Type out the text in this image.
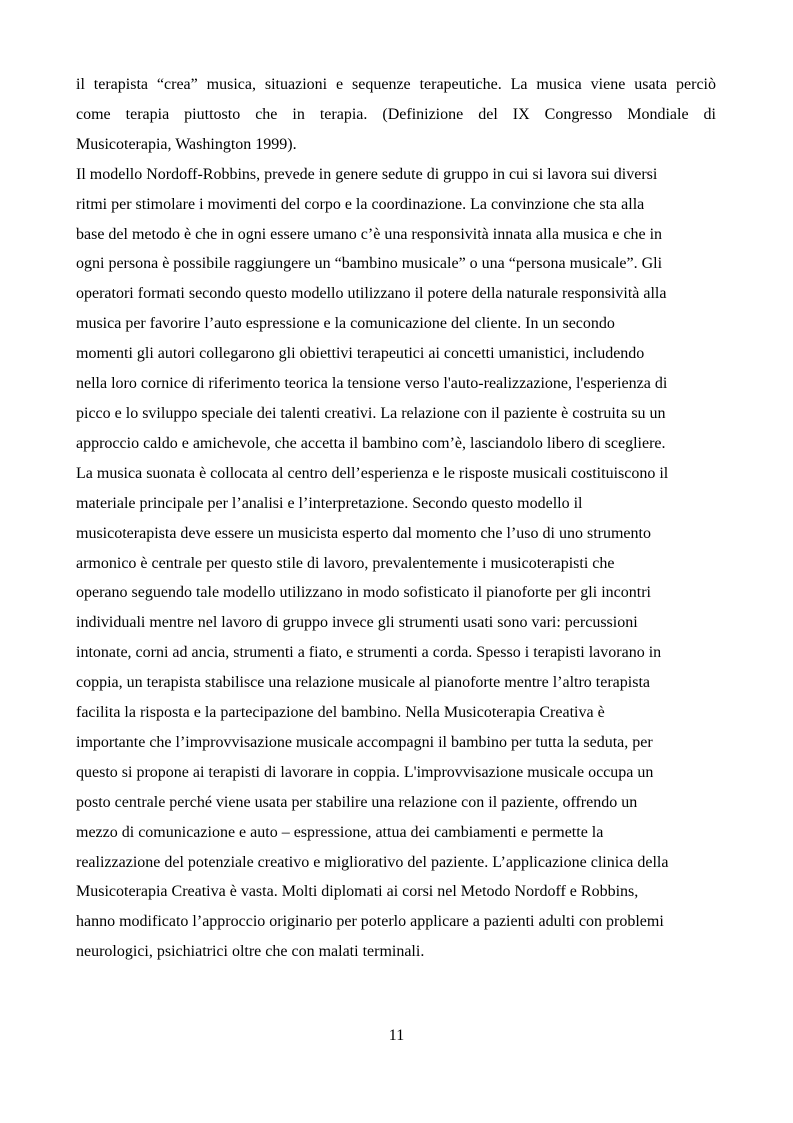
il terapista “crea” musica, situazioni e sequenze terapeutiche. La musica viene usata perciò
come terapia piuttosto che in terapia. (Definizione del IX Congresso Mondiale di
Musicoterapia, Washington 1999).
Il modello Nordoff-Robbins, prevede in genere sedute di gruppo in cui si lavora sui diversi
ritmi per stimolare i movimenti del corpo e la coordinazione. La convinzione che sta alla
base del metodo è che in ogni essere umano c’è una responsività innata alla musica e che in
ogni persona è possibile raggiungere un “bambino musicale” o una “persona musicale”. Gli
operatori formati secondo questo modello utilizzano il potere della naturale responsività alla
musica per favorire l’auto espressione e la comunicazione del cliente. In un secondo
momenti gli autori collegarono gli obiettivi terapeutici ai concetti umanistici, includendo
nella loro cornice di riferimento teorica la tensione verso l'auto-realizzazione, l'esperienza di
picco e lo sviluppo speciale dei talenti creativi. La relazione con il paziente è costruita su un
approccio caldo e amichevole, che accetta il bambino com’è, lasciandolo libero di scegliere.
La musica suonata è collocata al centro dell’esperienza e le risposte musicali costituiscono il
materiale principale per l’analisi e l’interpretazione. Secondo questo modello il
musicoterapista deve essere un musicista esperto dal momento che l’uso di uno strumento
armonico è centrale per questo stile di lavoro, prevalentemente i musicoterapisti che
operano seguendo tale modello utilizzano in modo sofisticato il pianoforte per gli incontri
individuali mentre nel lavoro di gruppo invece gli strumenti usati sono vari: percussioni
intonate, corni ad ancia, strumenti a fiato, e strumenti a corda. Spesso i terapisti lavorano in
coppia, un terapista stabilisce una relazione musicale al pianoforte mentre l’altro terapista
facilita la risposta e la partecipazione del bambino. Nella Musicoterapia Creativa è
importante che l’improvvisazione musicale accompagni il bambino per tutta la seduta, per
questo si propone ai terapisti di lavorare in coppia. L'improvvisazione musicale occupa un
posto centrale perché viene usata per stabilire una relazione con il paziente, offrendo un
mezzo di comunicazione e auto – espressione, attua dei cambiamenti e permette la
realizzazione del potenziale creativo e migliorativo del paziente. L’applicazione clinica della
Musicoterapia Creativa è vasta. Molti diplomati ai corsi nel Metodo Nordoff e Robbins,
hanno modificato l’approccio originario per poterlo applicare a pazienti adulti con problemi
neurologici, psichiatrici oltre che con malati terminali.
11
